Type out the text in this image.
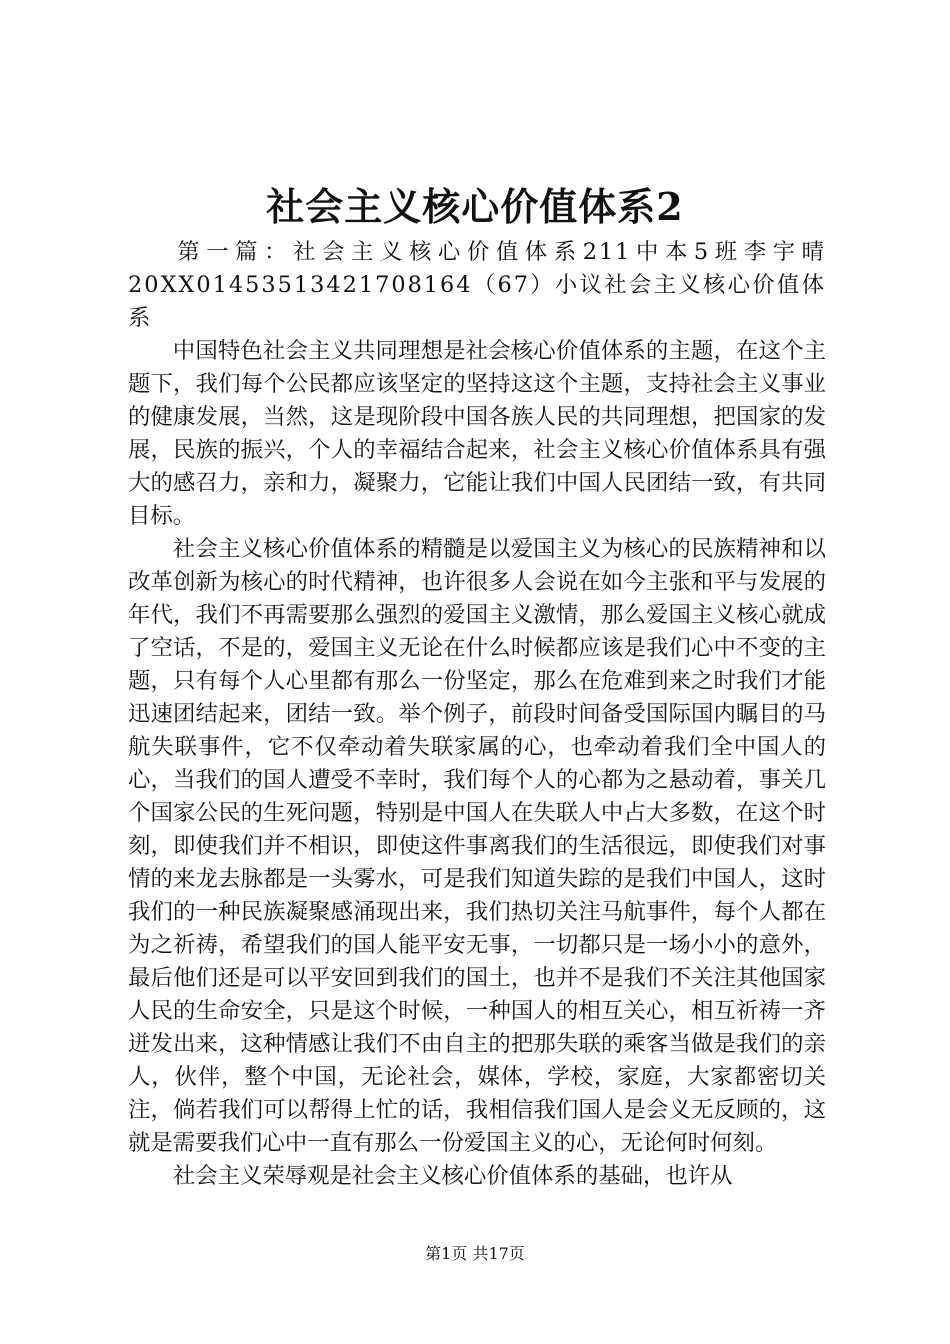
社会主义核心价值体系2

第一篇：社会主义核心价值体系211中本5班李宇晴20XX0145351342170816​4（67）小议社会主义核心价值体系

中国特色社会主义共同理想是社会核心价值体系的主题，在这个主题下，我们每个公民都应该坚定的坚持这这个主题，支持社会主义事业的健康发展，当然，这是现阶段中国各族人民的共同理想，把国家的发展，民族的振兴，个人的幸福结合起来，社会主义核心价值体系具有强大的感召力，亲和力，凝聚力，它能让我们中国人民团结一致，有共同目标。

社会主义核心价值体系的精髓是以爱国主义为核心的民族精神和以改革创新为核心的时代精神，也许很多人会说在如今主张和平与发展的年代，我们不再需要那么强烈的爱国主义激情，那么爱国主义核心就成了空话，不是的，爱国主义无论在什么时候都应该是我们心中不变的主题，只有每个人心里都有那么一份坚定，那么在危难到来之时我们才能迅速团结起来，团结一致。举个例子，前段时间备受国际国内瞩目的马航失联事件，它不仅牵动着失联家属的心，也牵动着我们全中国人的心，当我们的国人遭受不幸时，我们每个人的心都为之悬动着，事关几个国家公民的生死问题，特别是中国人在失联人中占大多数，在这个时刻，即使我们并不相识，即使这件事离我们的生活很远，即使我们对事情的来龙去脉都是一头雾水，可是我们知道失踪的是我们中国人，这时我们的一种民族凝聚感涌现出来，我们热切关注马航事件，每个人都在为之祈祷，希望我们的国人能平安无事，一切都只是一场小小的意外，最后他们还是可以平安回到我们的国土，也并不是我们不关注其他国家人民的生命安全，只是这个时候，一种国人的相互关心，相互祈祷一齐迸发出来，这种情感让我们不由自主的把那失联的乘客当做是我们的亲人，伙伴，整个中国，无论社会，媒体，学校，家庭，大家都密切关注，倘若我们可以帮得上忙的话，我相信我们国人是会义无反顾的，这就是需要我们心中一直有那么一份爱国主义的心，无论何时何刻。

社会主义荣辱观是社会主义核心价值体系的基础，也许从

第1页 共17页
